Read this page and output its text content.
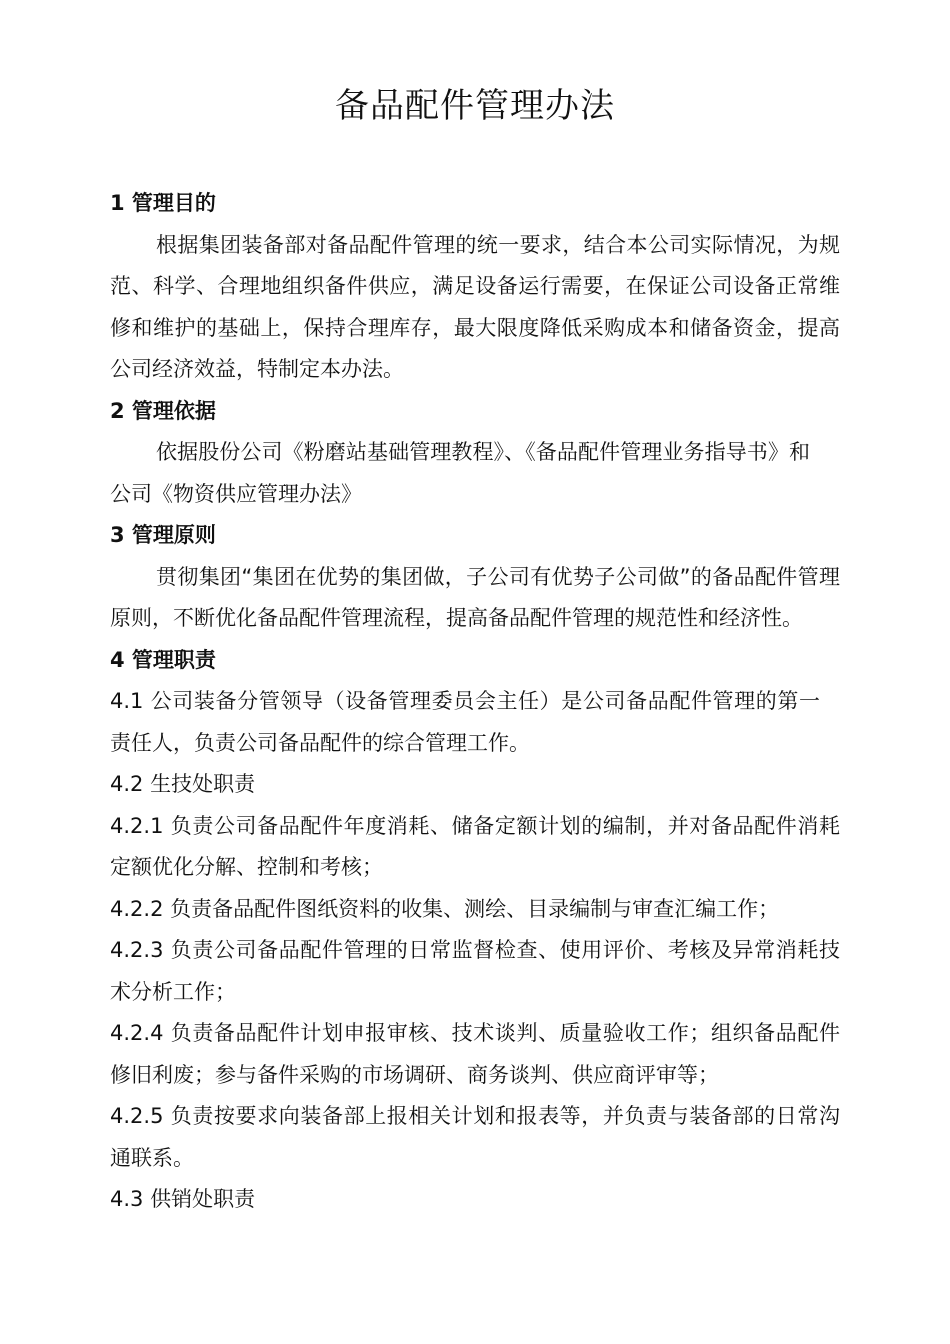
备品配件管理办法

1 管理目的

根据集团装备部对备品配件管理的统一要求，结合本公司实际情况，为规范、科学、合理地组织备件供应，满足设备运行需要，在保证公司设备正常维修和维护的基础上，保持合理库存，最大限度降低采购成本和储备资金，提高公司经济效益，特制定本办法。

2 管理依据

依据股份公司《粉磨站基础管理教程》、《备品配件管理业务指导书》和公司《物资供应管理办法》

3 管理原则

贯彻集团“集团在优势的集团做，子公司有优势子公司做”的备品配件管理原则，不断优化备品配件管理流程，提高备品配件管理的规范性和经济性。

4 管理职责

4.1 公司装备分管领导（设备管理委员会主任）是公司备品配件管理的第一责任人，负责公司备品配件的综合管理工作。

4.2 生技处职责

4.2.1 负责公司备品配件年度消耗、储备定额计划的编制，并对备品配件消耗定额优化分解、控制和考核；

4.2.2 负责备品配件图纸资料的收集、测绘、目录编制与审查汇编工作；

4.2.3 负责公司备品配件管理的日常监督检查、使用评价、考核及异常消耗技术分析工作；

4.2.4 负责备品配件计划申报审核、技术谈判、质量验收工作；组织备品配件修旧利废；参与备件采购的市场调研、商务谈判、供应商评审等；

4.2.5 负责按要求向装备部上报相关计划和报表等，并负责与装备部的日常沟通联系。

4.3 供销处职责
